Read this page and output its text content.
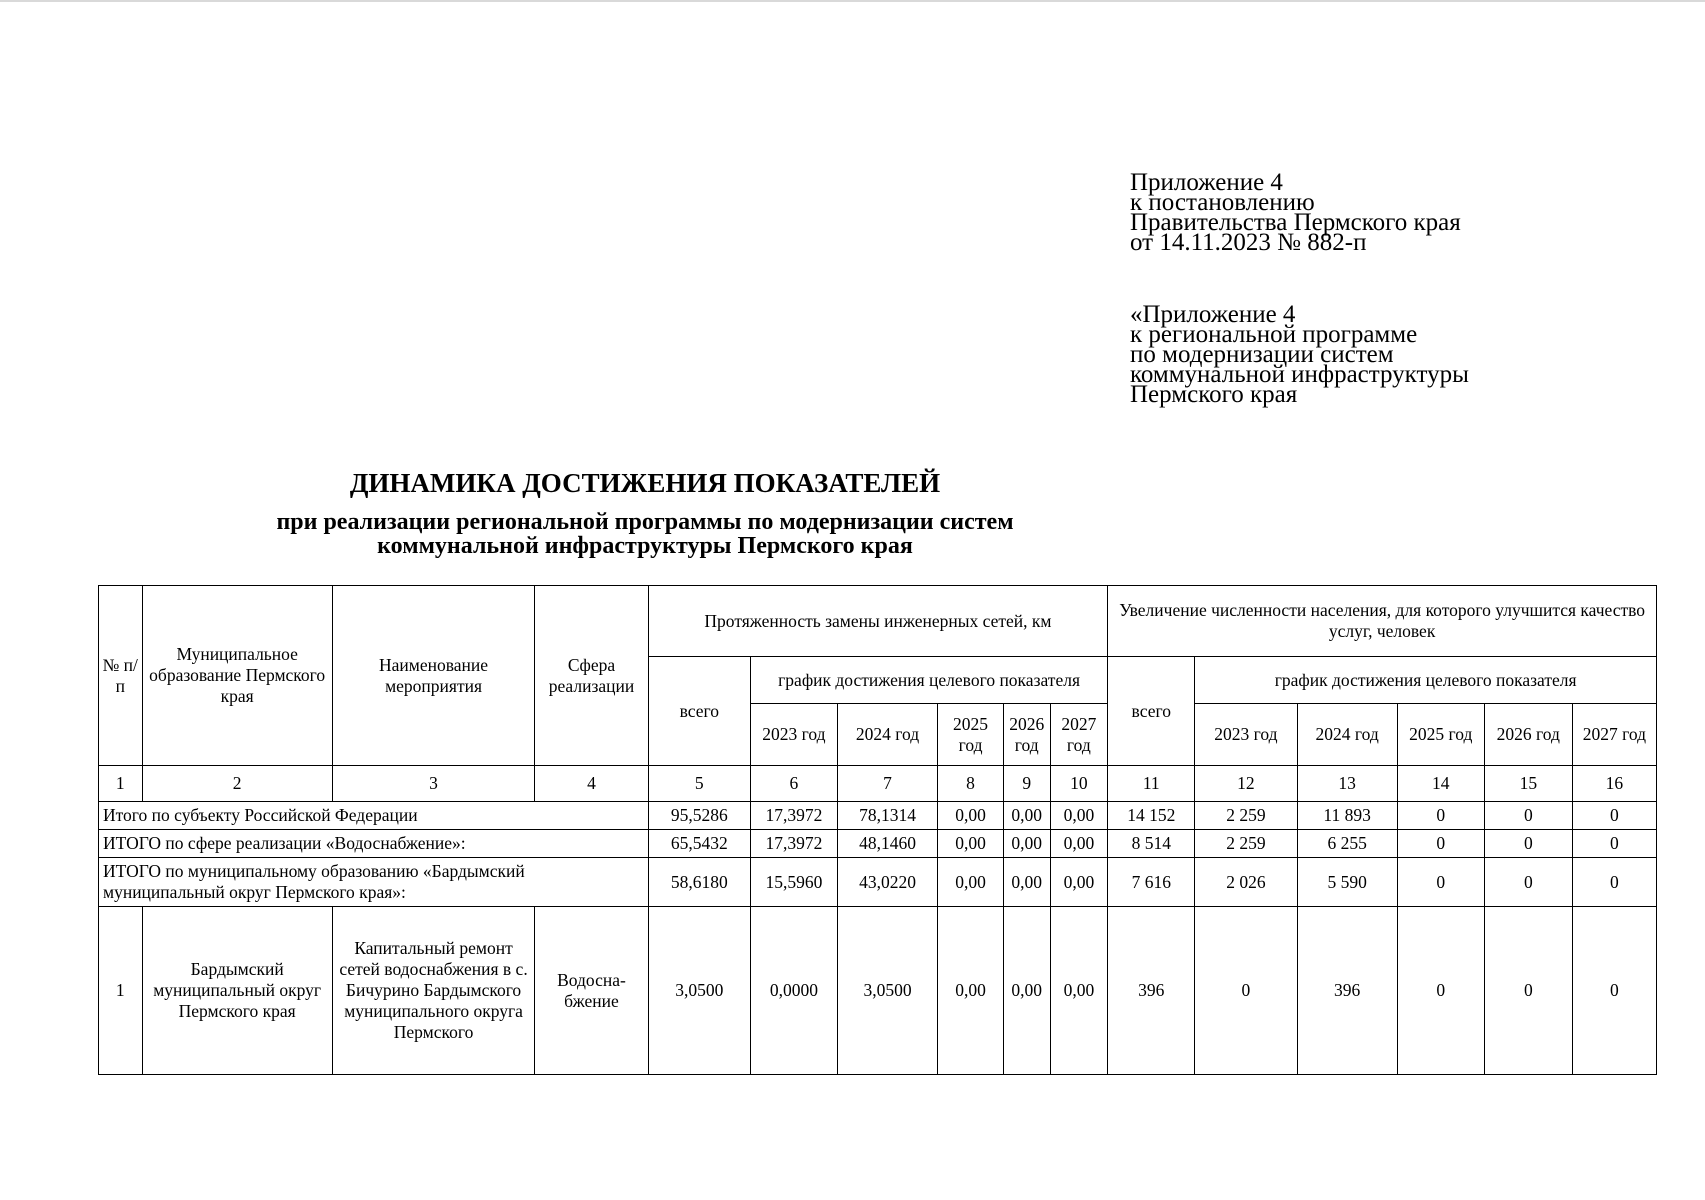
Приложение 4
к постановлению
Правительства Пермского края
от 14.11.2023 № 882-п
«Приложение 4
к региональной программе
по модернизации систем
коммунальной инфраструктуры
Пермского края
ДИНАМИКА ДОСТИЖЕНИЯ ПОКАЗАТЕЛЕЙ
при реализации региональной программы по модернизации систем
коммунальной инфраструктуры Пермского края
№ п/п	Муниципальное образование Пермского края	Наименование мероприятия	Сфера реализации	Протяженность замены инженерных сетей, км						Увеличение численности населения, для которого улучшится качество услуг, человек					
				всего	график достижения целевого показателя					всего	график достижения целевого показателя				
					2023 год	2024 год	2025 год	2026 год	2027 год		2023 год	2024 год	2025 год	2026 год	2027 год
1	2	3	4	5	6	7	8	9	10	11	12	13	14	15	16
Итого по субъекту Российской Федерации				95,5286	17,3972	78,1314	0,00	0,00	0,00	14 152	2 259	11 893	0	0	0
ИТОГО по сфере реализации «Водоснабжение»:				65,5432	17,3972	48,1460	0,00	0,00	0,00	8 514	2 259	6 255	0	0	0
ИТОГО по муниципальному образованию «Бардымский муниципальный округ Пермского края»:				58,6180	15,5960	43,0220	0,00	0,00	0,00	7 616	2 026	5 590	0	0	0
1	Бардымский муниципальный округ Пермского края	Капитальный ремонт сетей водоснабжения в с. Бичурино Бардымского муниципального округа Пермского	Водосна-бжение	3,0500	0,0000	3,0500	0,00	0,00	0,00	396	0	396	0	0	0
